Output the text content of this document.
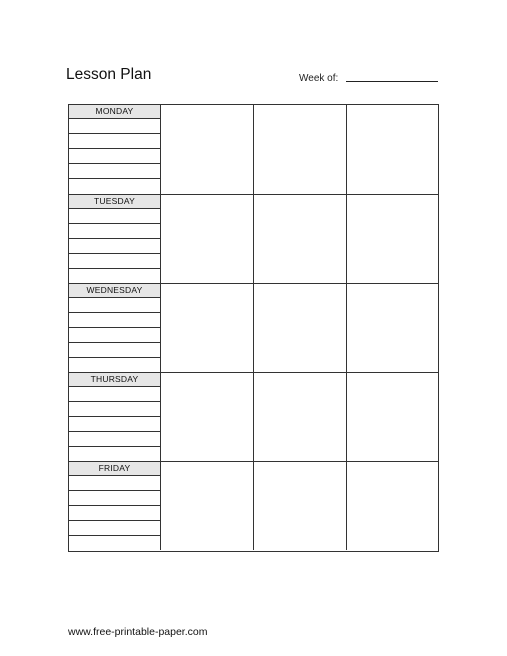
Lesson Plan	Week of:
MONDAY
TUESDAY
WEDNESDAY
THURSDAY
FRIDAY
www.free-printable-paper.com
